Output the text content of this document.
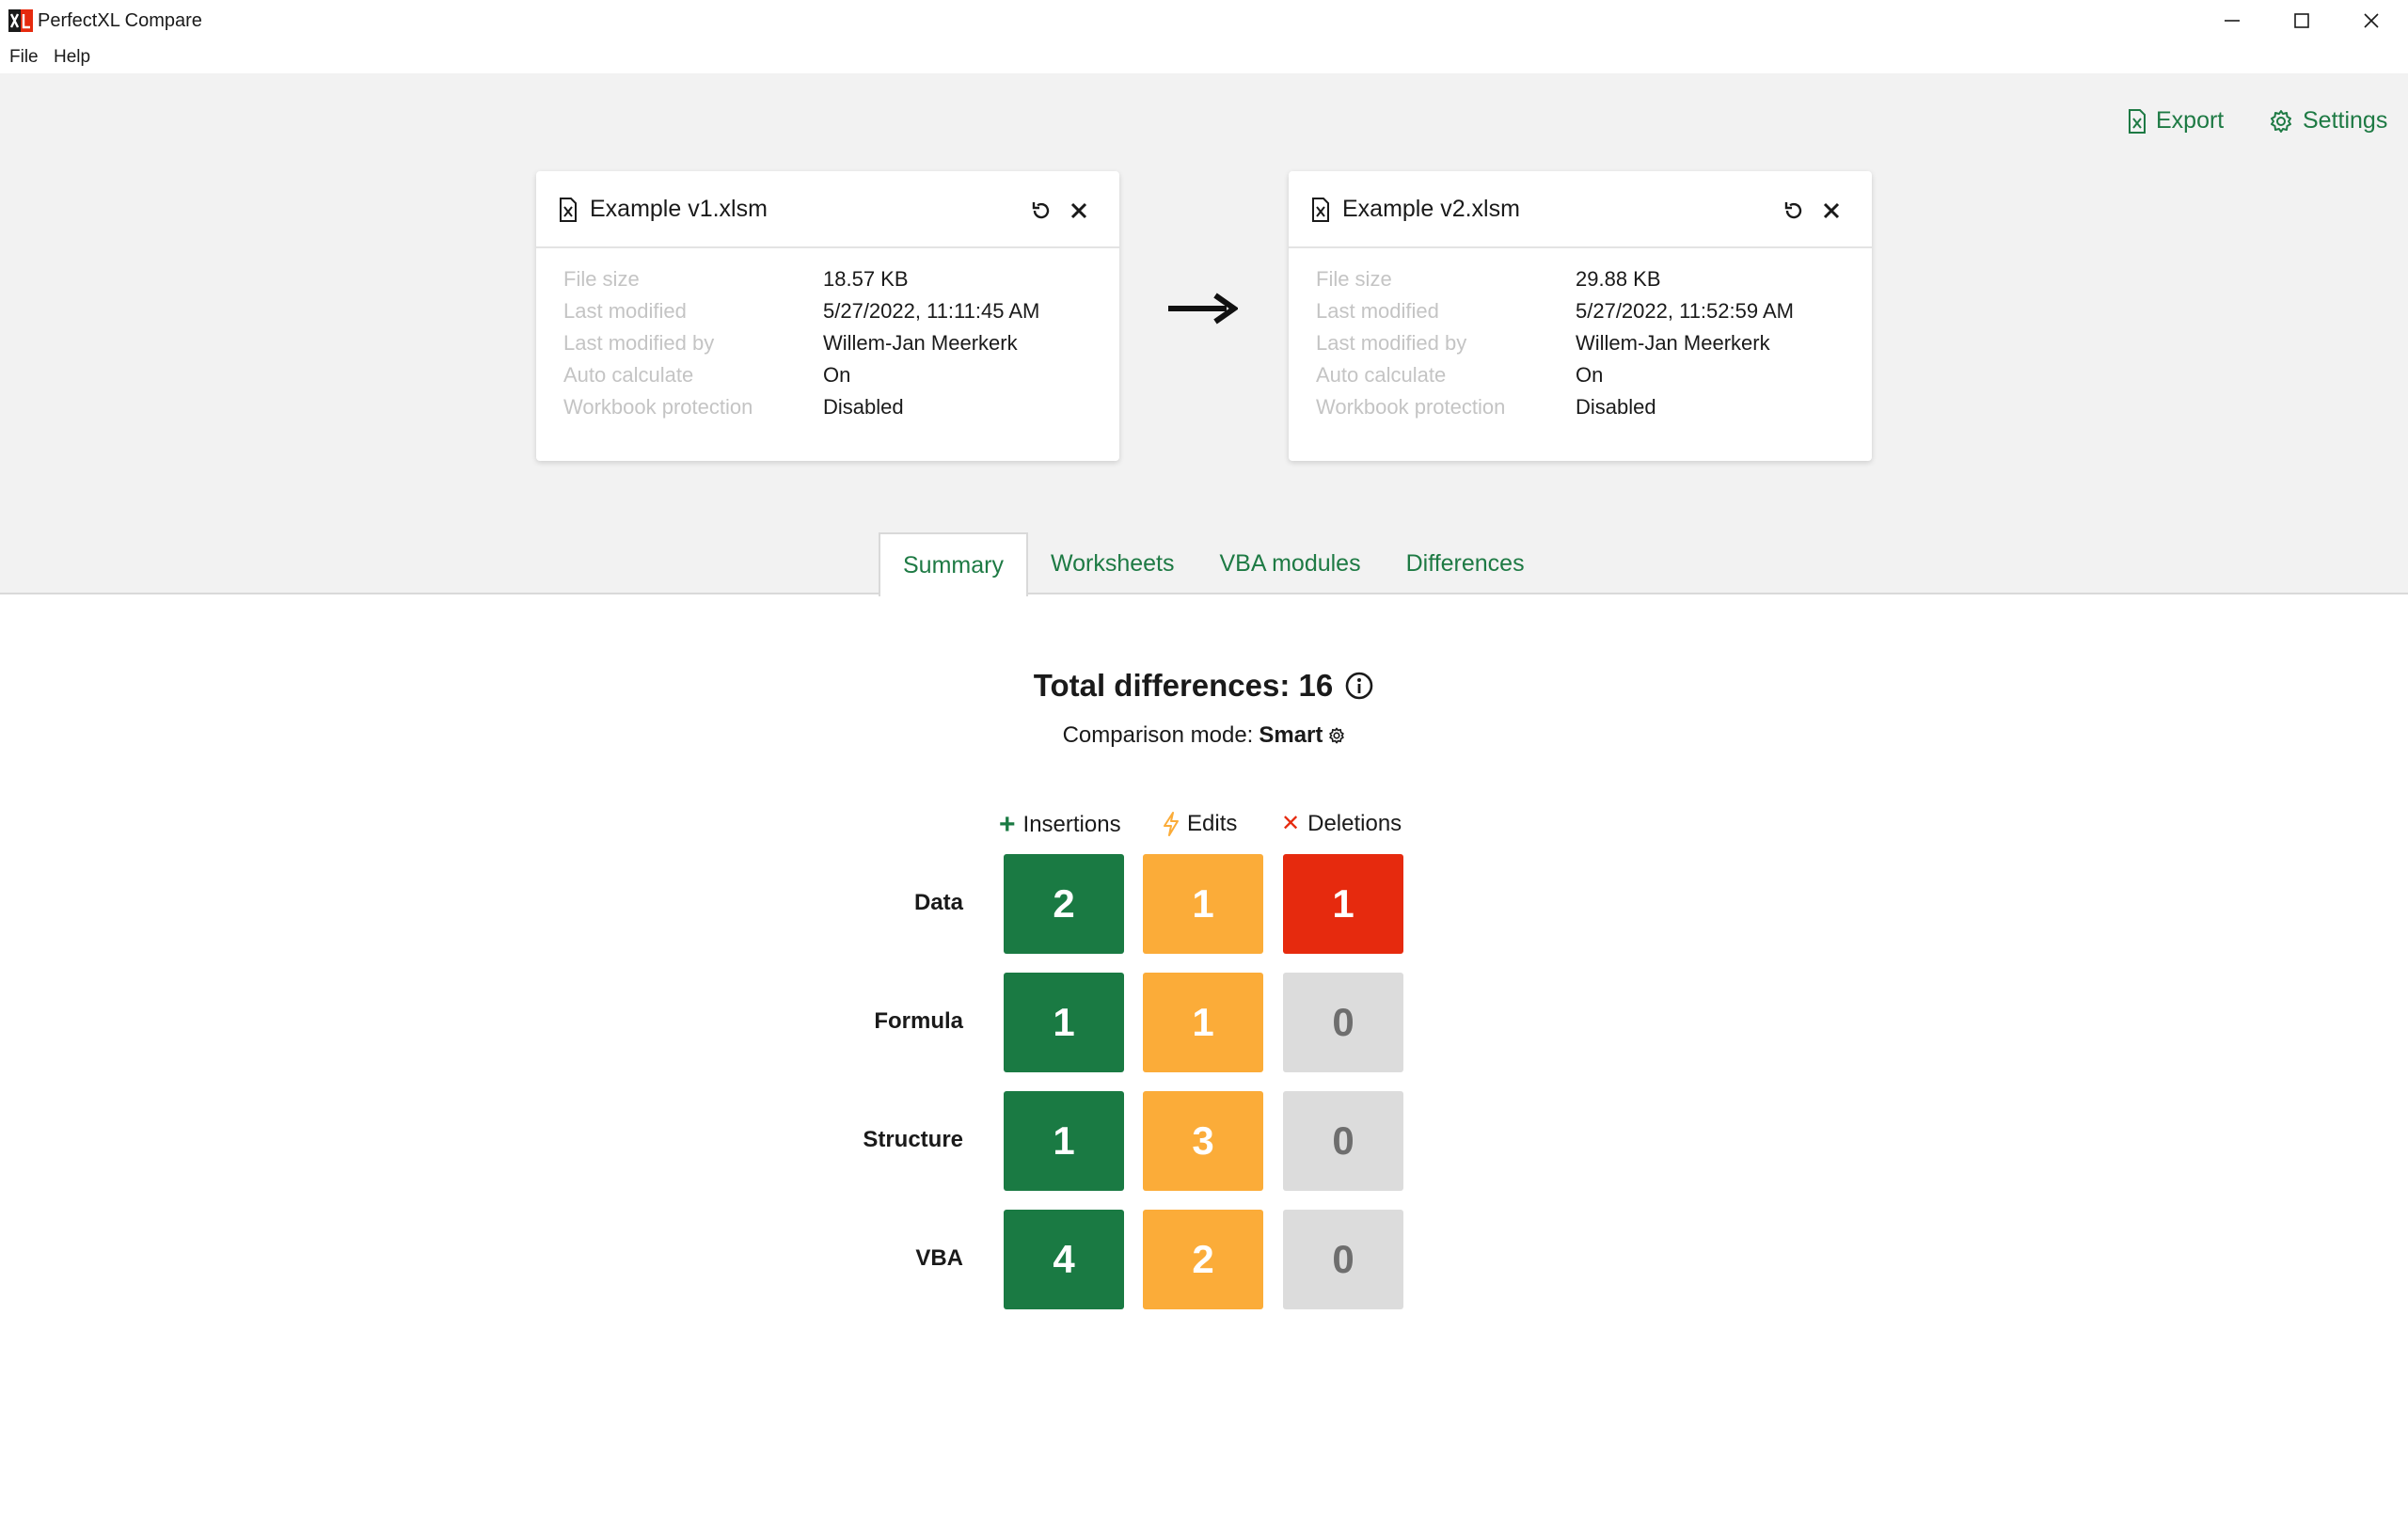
PerfectXL Compare
File Help
Export	Settings
Example v1.xlsm
File size	18.57 KB
Last modified	5/27/2022, 11:11:45 AM
Last modified by	Willem-Jan Meerkerk
Auto calculate	On
Workbook protection	Disabled
Example v2.xlsm
File size	29.88 KB
Last modified	5/27/2022, 11:52:59 AM
Last modified by	Willem-Jan Meerkerk
Auto calculate	On
Workbook protection	Disabled
Summary	Worksheets	VBA modules	Differences
Total differences: 16
Comparison mode: Smart
+ Insertions	Edits ✕ Deletions
Data	2	1	1
Formula	1	1	0
Structure	1	3	0
VBA	4	2	0
